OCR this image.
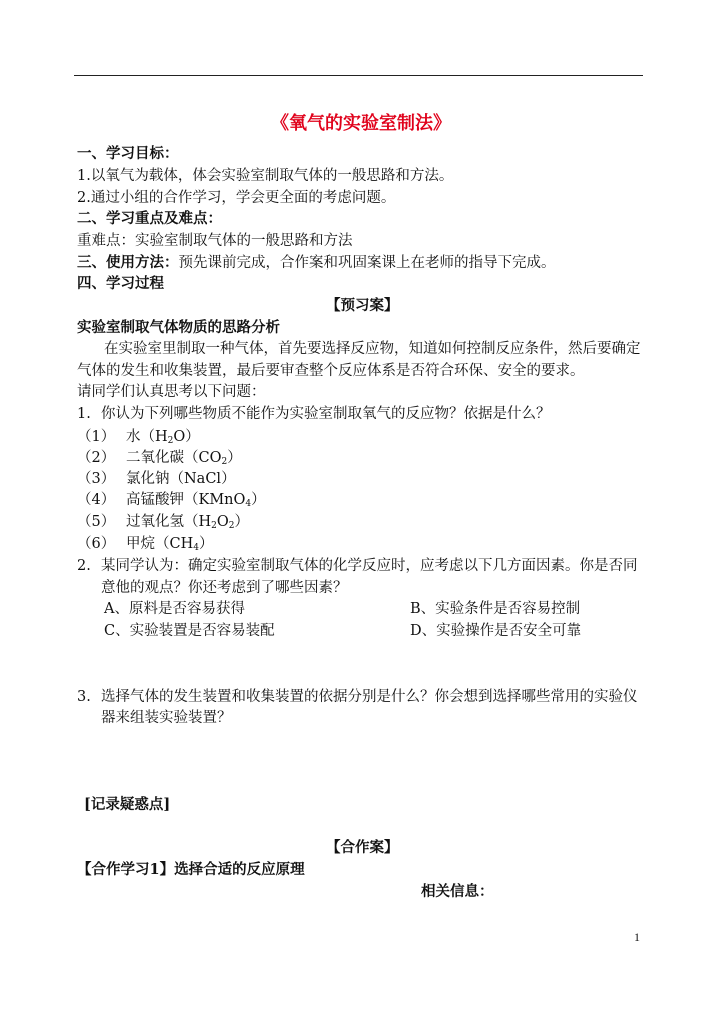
《氧气的实验室制法》
一、学习目标：
1.以氧气为载体，体会实验室制取气体的一般思路和方法。
2.通过小组的合作学习，学会更全面的考虑问题。
二、学习重点及难点：
重难点：实验室制取气体的一般思路和方法
三、使用方法：预先课前完成，合作案和巩固案课上在老师的指导下完成。
四、学习过程
【预习案】
实验室制取气体物质的思路分析
在实验室里制取一种气体，首先要选择反应物，知道如何控制反应条件，然后要确定
气体的发生和收集装置，最后要审查整个反应体系是否符合环保、安全的要求。
请同学们认真思考以下问题：
1. 你认为下列哪些物质不能作为实验室制取氧气的反应物？依据是什么？
（1） 水$(H_2O)$
（2） 二氧化碳$(CO_2)$
（3） 氯化钠（NaCl）
（4） 高锰酸钾（KMnO$_4$）
（5） 过氧化氢$(H_2O_2)$
（6） 甲烷$(CH_4)$
2. 某同学认为：确定实验室制取气体的化学反应时，应考虑以下几方面因素。你是否同
意他的观点？你还考虑到了哪些因素？
A、原料是否容易获得	B、实验条件是否容易控制
C、实验装置是否容易装配	D、实验操作是否安全可靠
3. 选择气体的发生装置和收集装置的依据分别是什么？你会想到选择哪些常用的实验仪
器来组装实验装置？
[记录疑惑点]
【合作案】
【合作学习1】选择合适的反应原理
相关信息：
1
